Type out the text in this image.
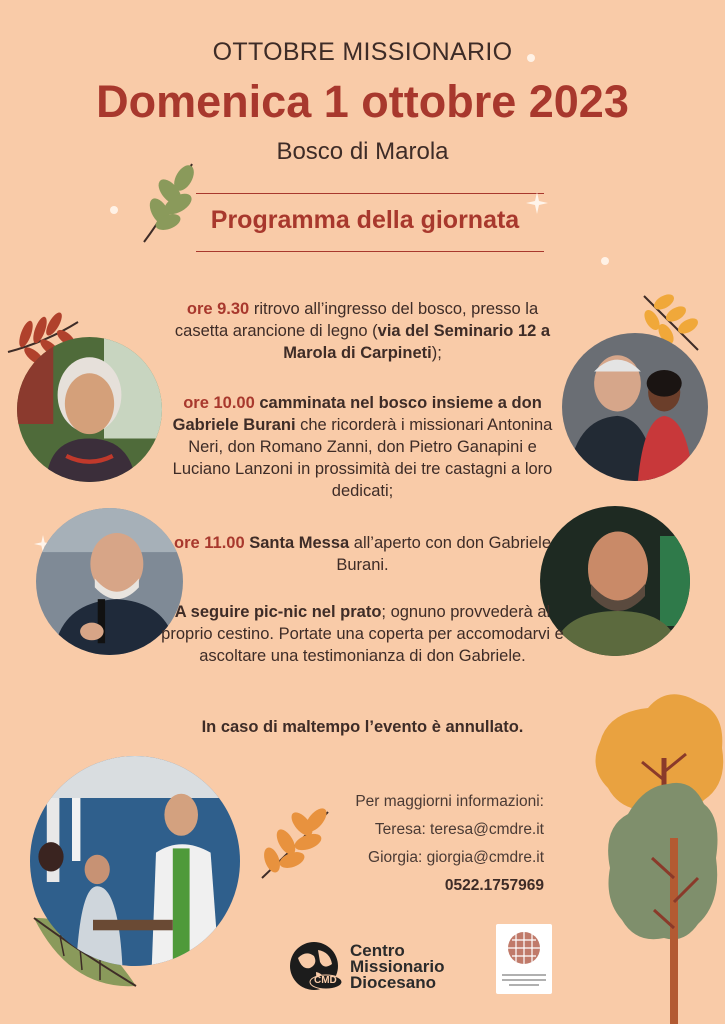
OTTOBRE MISSIONARIO
Domenica 1 ottobre 2023
Bosco di Marola
Programma della giornata
ore 9.30 ritrovo all’ingresso del bosco, presso la casetta arancione di legno (via del Seminario 12 a Marola di Carpineti);
ore 10.00 camminata nel bosco insieme a don Gabriele Burani che ricorderà i missionari Antonina Neri, don Romano Zanni, don Pietro Ganapini e Luciano Lanzoni in prossimità dei tre castagni a loro dedicati;
ore 11.00 Santa Messa all’aperto con don Gabriele Burani.
A seguire pic-nic nel prato; ognuno provvederà al proprio cestino. Portate una coperta per accomodarvi e ascoltare una testimonianza di don Gabriele.
In caso di maltempo l’evento è annullato.
Per maggiorni informazioni:
Teresa: teresa@cmdre.it
Giorgia: giorgia@cmdre.it
0522.1757969
CMD
Centro
Missionario
Diocesano
